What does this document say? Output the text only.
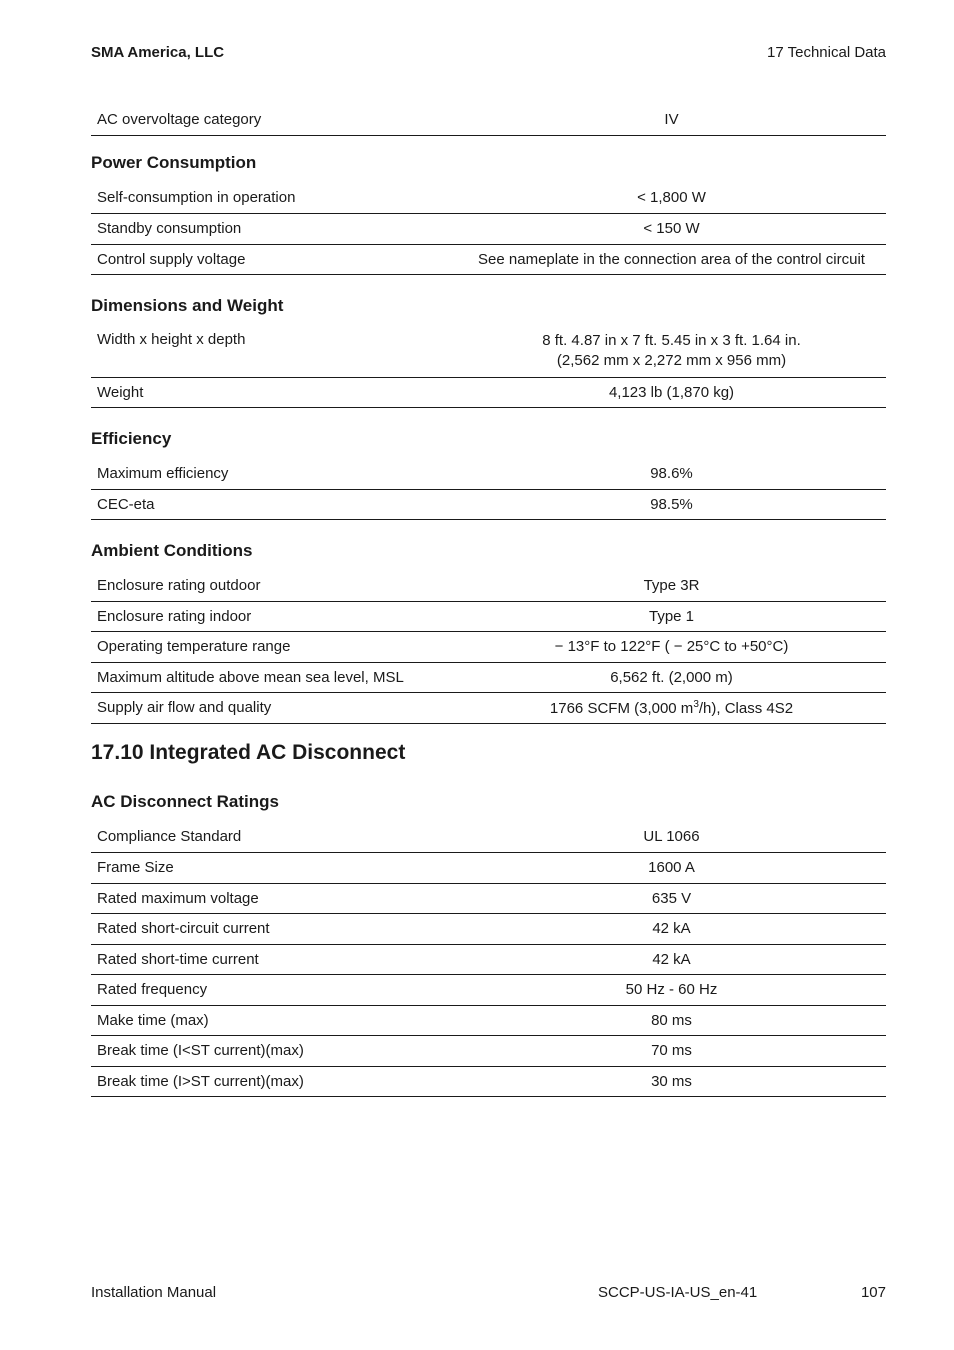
SMA America, LLC	17 Technical Data
AC overvoltage category	IV
Power Consumption
Self-consumption in operation	< 1,800 W
Standby consumption	< 150 W
Control supply voltage	See nameplate in the connection area of the control circuit
Dimensions and Weight
Width x height x depth	8 ft. 4.87 in x 7 ft. 5.45 in x 3 ft. 1.64 in.
(2,562 mm x 2,272 mm x 956 mm)

Weight	4,123 lb (1,870 kg)
Efficiency
Maximum efficiency	98.6%
CEC-eta	98.5%
Ambient Conditions
Enclosure rating outdoor	Type 3R
Enclosure rating indoor	Type 1
Operating temperature range	− 13°F to 122°F ( − 25°C to +50°C)
Maximum altitude above mean sea level, MSL	6,562 ft. (2,000 m)
Supply air flow and quality	1766 SCFM (3,000 $m^3/h$), Class 4S2
17.10 Integrated AC Disconnect
AC Disconnect Ratings
Compliance Standard	UL 1066
Frame Size	1600 A
Rated maximum voltage	635 V
Rated short-circuit current	42 kA
Rated short-time current	42 kA
Rated frequency	50 Hz - 60 Hz
Make time (max)	80 ms
Break time (I<ST current)(max)	70 ms
Break time (I>ST current)(max)	30 ms
Installation Manual	SCCP-US-IA-US_en-41	107
